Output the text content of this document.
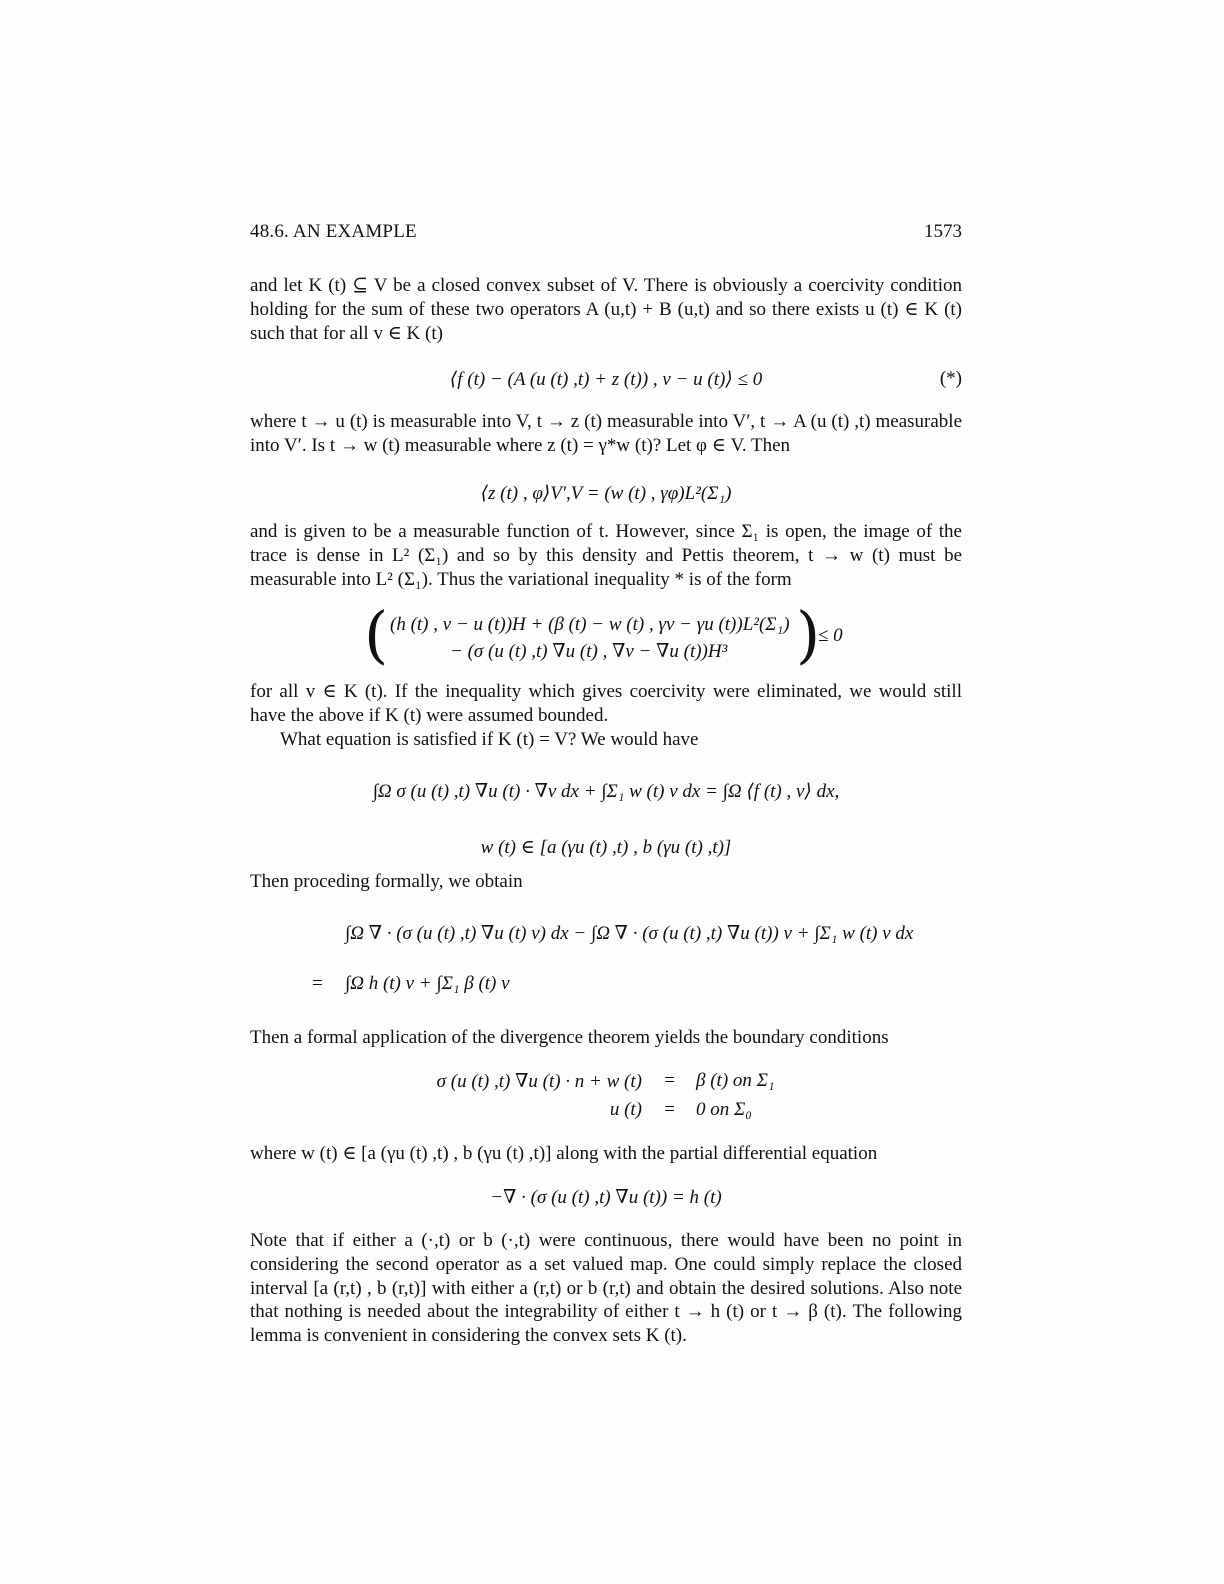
48.6. AN EXAMPLE	1573
and let K (t) ⊆ V be a closed convex subset of V. There is obviously a coercivity condition holding for the sum of these two operators A (u,t) + B (u,t) and so there exists u (t) ∈ K (t) such that for all v ∈ K (t)
⟨f (t) − (A (u (t) ,t) + z (t)) , v − u (t)⟩ ≤ 0	(*)
where t → u (t) is measurable into V, t → z (t) measurable into V′, t → A (u (t) ,t) measurable into V′. Is t → w (t) measurable where z (t) = γ*w (t)? Let φ ∈ V. Then
⟨z (t) , φ⟩V′,V = (w (t) , γφ)L²(Σ₁)
and is given to be a measurable function of t. However, since Σ₁ is open, the image of the trace is dense in L² (Σ₁) and so by this density and Pettis theorem, t → w (t) must be measurable into L² (Σ₁). Thus the variational inequality * is of the form
( (h (t) , v − u (t))H + (β (t) − w (t) , γv − γu (t))L²(Σ₁)
− (σ (u (t) ,t) ∇u (t) , ∇v − ∇u (t))H³ )
≤ 0
for all v ∈ K (t). If the inequality which gives coercivity were eliminated, we would still have the above if K (t) were assumed bounded.
What equation is satisfied if K (t) = V? We would have
∫Ω σ (u (t) ,t) ∇u (t) · ∇v dx + ∫Σ₁ w (t) v dx = ∫Ω ⟨f (t) , v⟩ dx,
w (t) ∈ [a (γu (t) ,t) , b (γu (t) ,t)]
Then proceding formally, we obtain
∫Ω ∇ · (σ (u (t) ,t) ∇u (t) v) dx − ∫Ω ∇ · (σ (u (t) ,t) ∇u (t)) v + ∫Σ₁ w (t) v dx
= ∫Ω h (t) v + ∫Σ₁ β (t) v
Then a formal application of the divergence theorem yields the boundary conditions
σ (u (t) ,t) ∇u (t) · n + w (t) = β (t) on Σ₁
u (t) = 0 on Σ₀
where w (t) ∈ [a (γu (t) ,t) , b (γu (t) ,t)] along with the partial differential equation
−∇ · (σ (u (t) ,t) ∇u (t)) = h (t)
Note that if either a (·,t) or b (·,t) were continuous, there would have been no point in considering the second operator as a set valued map. One could simply replace the closed interval [a (r,t) , b (r,t)] with either a (r,t) or b (r,t) and obtain the desired solutions. Also note that nothing is needed about the integrability of either t → h (t) or t → β (t). The following lemma is convenient in considering the convex sets K (t).
